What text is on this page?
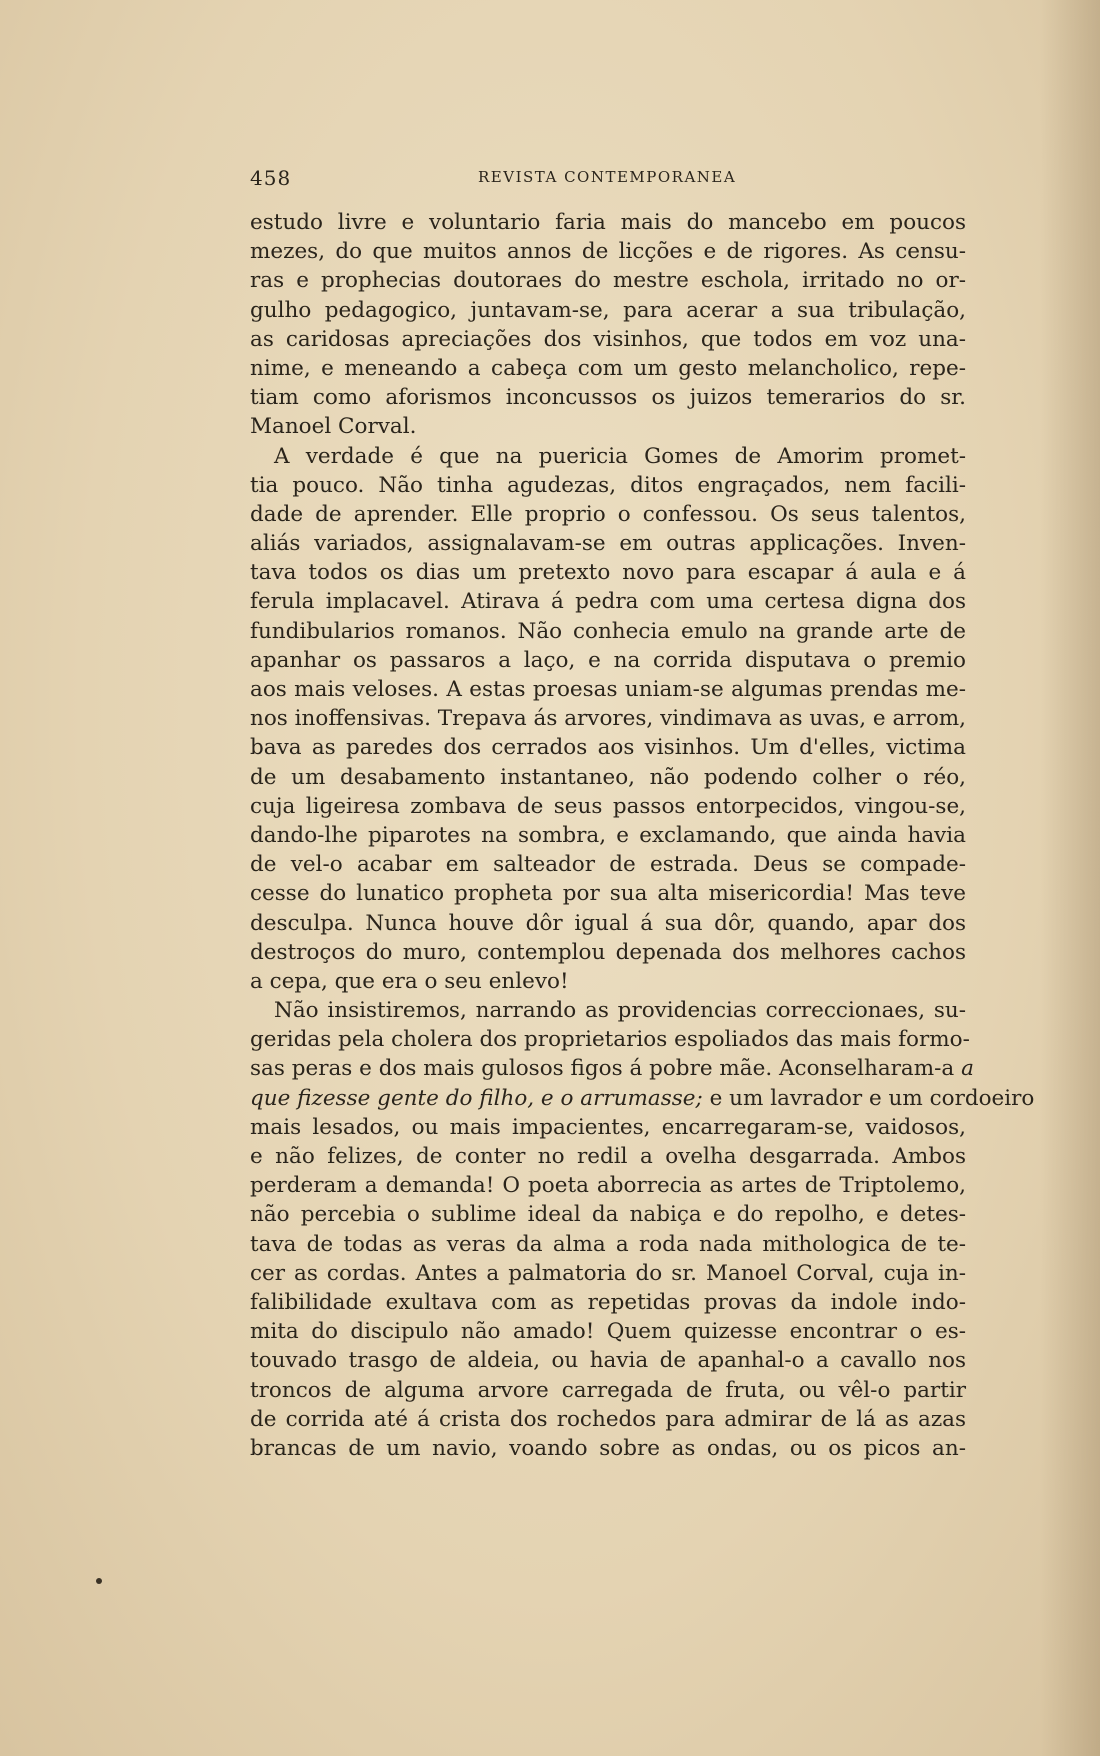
458	REVISTA CONTEMPORANEA
estudo livre e voluntario faria mais do mancebo em poucos
mezes, do que muitos annos de licções e de rigores. As censu-
ras e prophecias doutoraes do mestre eschola, irritado no or-
gulho pedagogico, juntavam-se, para acerar a sua tribulação,
as caridosas apreciações dos visinhos, que todos em voz una-
nime, e meneando a cabeça com um gesto melancholico, repe-
tiam como aforismos inconcussos os juizos temerarios do sr.
Manoel Corval.
A verdade é que na puericia Gomes de Amorim promet-
tia pouco. Não tinha agudezas, ditos engraçados, nem facili-
dade de aprender. Elle proprio o confessou. Os seus talentos,
aliás variados, assignalavam-se em outras applicações. Inven-
tava todos os dias um pretexto novo para escapar á aula e á
ferula implacavel. Atirava á pedra com uma certesa digna dos
fundibularios romanos. Não conhecia emulo na grande arte de
apanhar os passaros a laço, e na corrida disputava o premio
aos mais veloses. A estas proesas uniam-se algumas prendas me-
nos inoffensivas. Trepava ás arvores, vindimava as uvas, e arrom,
bava as paredes dos cerrados aos visinhos. Um d'elles, victima
de um desabamento instantaneo, não podendo colher o réo,
cuja ligeiresa zombava de seus passos entorpecidos, vingou-se,
dando-lhe piparotes na sombra, e exclamando, que ainda havia
de vel-o acabar em salteador de estrada. Deus se compade-
cesse do lunatico propheta por sua alta misericordia! Mas teve
desculpa. Nunca houve dôr igual á sua dôr, quando, apar dos
destroços do muro, contemplou depenada dos melhores cachos
a cepa, que era o seu enlevo!
Não insistiremos, narrando as providencias correccionaes, su-
geridas pela cholera dos proprietarios espoliados das mais formo-
sas peras e dos mais gulosos figos á pobre mãe. Aconselharam-a a
que fizesse gente do filho, e o arrumasse; e um lavrador e um cordoeiro
mais lesados, ou mais impacientes, encarregaram-se, vaidosos,
e não felizes, de conter no redil a ovelha desgarrada. Ambos
perderam a demanda! O poeta aborrecia as artes de Triptolemo,
não percebia o sublime ideal da nabiça e do repolho, e detes-
tava de todas as veras da alma a roda nada mithologica de te-
cer as cordas. Antes a palmatoria do sr. Manoel Corval, cuja in-
falibilidade exultava com as repetidas provas da indole indo-
mita do discipulo não amado! Quem quizesse encontrar o es-
touvado trasgo de aldeia, ou havia de apanhal-o a cavallo nos
troncos de alguma arvore carregada de fruta, ou vêl-o partir
de corrida até á crista dos rochedos para admirar de lá as azas
brancas de um navio, voando sobre as ondas, ou os picos an-
